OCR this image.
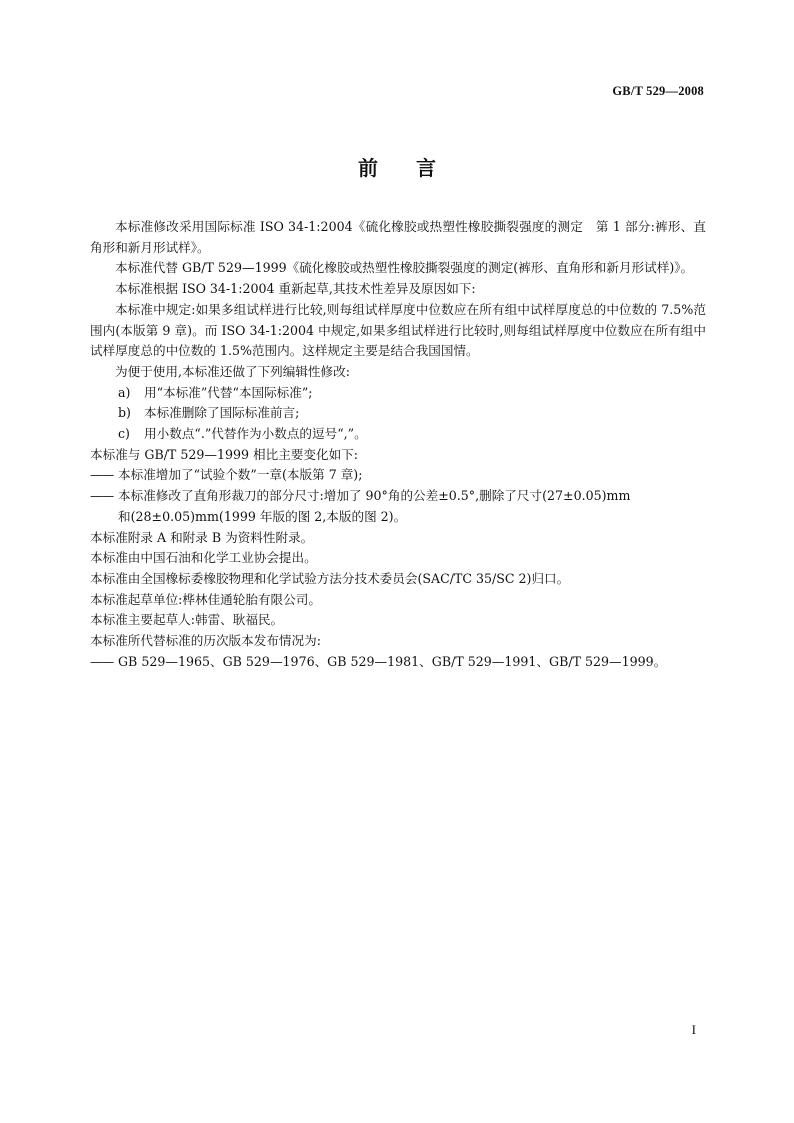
GB/T 529—2008
前 言

本标准修改采用国际标准 ISO 34-1:2004《硫化橡胶或热塑性橡胶撕裂强度的测定　第 1 部分:裤形、直角形和新月形试样》。

本标准代替 GB/T 529—1999《硫化橡胶或热塑性橡胶撕裂强度的测定(裤形、直角形和新月形试样)》。

本标准根据 ISO 34-1:2004 重新起草,其技术性差异及原因如下:

本标准中规定:如果多组试样进行比较,则每组试样厚度中位数应在所有组中试样厚度总的中位数的 7.5%范围内(本版第 9 章)。而 ISO 34-1:2004 中规定,如果多组试样进行比较时,则每组试样厚度中位数应在所有组中试样厚度总的中位数的 1.5%范围内。这样规定主要是结合我国国情。

为便于使用,本标准还做了下列编辑性修改:

a) 用“本标准”代替“本国际标准”;

b) 本标准删除了国际标准前言;

c) 用小数点“.”代替作为小数点的逗号“,”。

本标准与 GB/T 529—1999 相比主要变化如下:

—— 本标准增加了“试验个数”一章(本版第 7 章);

—— 本标准修改了直角形裁刀的部分尺寸:增加了 90°角的公差±0.5°,删除了尺寸(27±0.05)mm

和(28±0.05)mm(1999 年版的图 2,本版的图 2)。

本标准附录 A 和附录 B 为资料性附录。

本标准由中国石油和化学工业协会提出。

本标准由全国橡标委橡胶物理和化学试验方法分技术委员会(SAC/TC 35/SC 2)归口。

本标准起草单位:桦林佳通轮胎有限公司。

本标准主要起草人:韩雷、耿福民。

本标准所代替标准的历次版本发布情况为:

—— GB 529—1965、GB 529—1976、GB 529—1981、GB/T 529—1991、GB/T 529—1999。

I
